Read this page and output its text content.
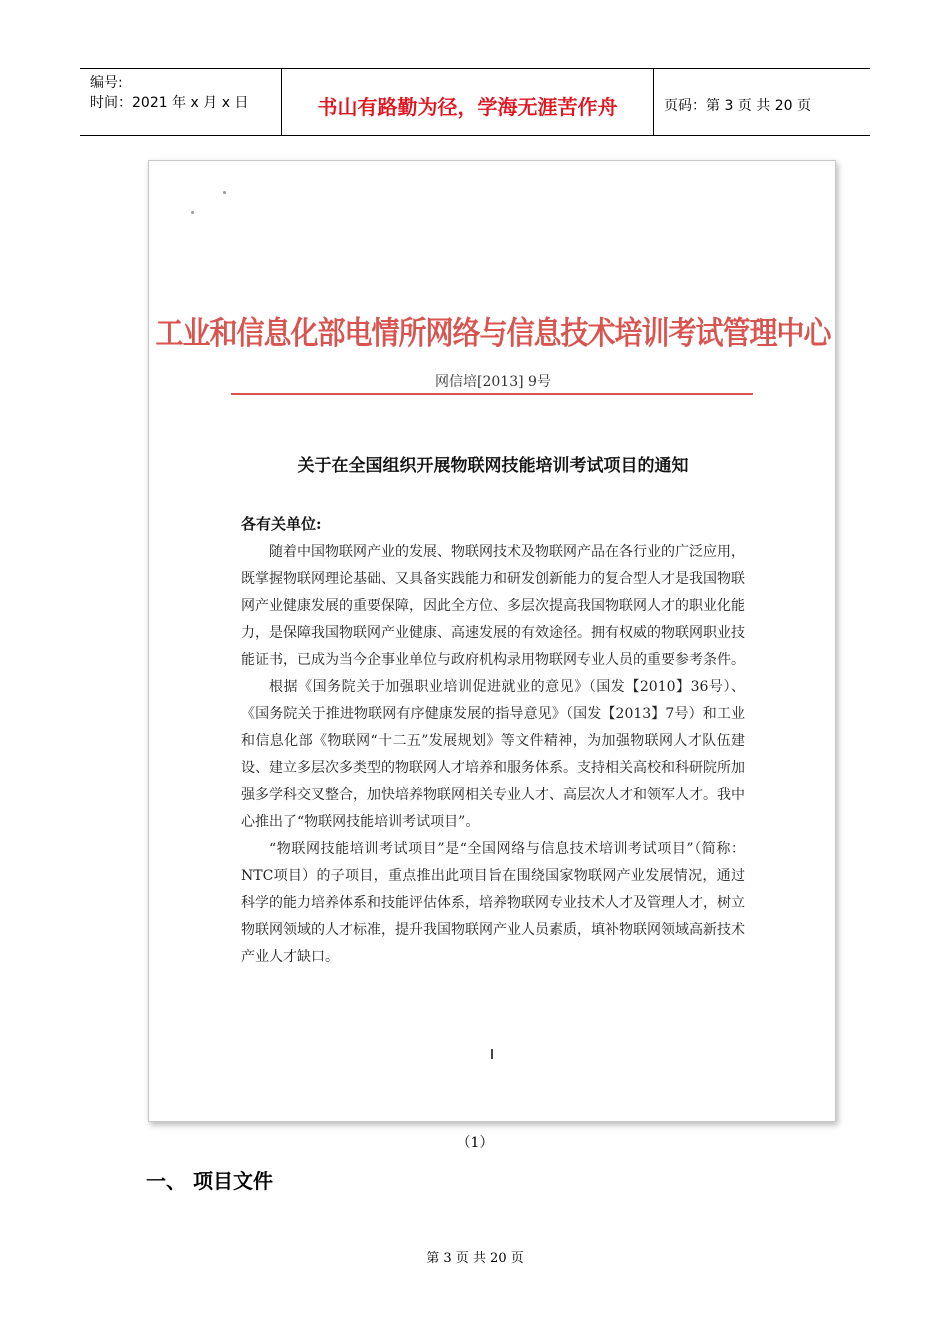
编号:
时间：2021 年 x 月 x 日	书山有路勤为径，学海无涯苦作舟	页码：第 3 页 共 20 页
工业和信息化部电情所网络与信息技术培训考试管理中心
网信培[2013] 9号
关于在全国组织开展物联网技能培训考试项目的通知
各有关单位:

随着中国物联网产业的发展、物联网技术及物联网产品在各行业的广泛应用，既掌握物联网理论基础、又具备实践能力和研发创新能力的复合型人才是我国物联网产业健康发展的重要保障，因此全方位、多层次提高我国物联网人才的职业化能力，是保障我国物联网产业健康、高速发展的有效途径。拥有权威的物联网职业技能证书，已成为当今企事业单位与政府机构录用物联网专业人员的重要参考条件。

根据《国务院关于加强职业培训促进就业的意见》（国发【2010】36号）、《国务院关于推进物联网有序健康发展的指导意见》（国发【2013】7号）和工业和信息化部《物联网“十二五”发展规划》等文件精神，为加强物联网人才队伍建设、建立多层次多类型的物联网人才培养和服务体系。支持相关高校和科研院所加强多学科交叉整合，加快培养物联网相关专业人才、高层次人才和领军人才。我中心推出了“物联网技能培训考试项目”。

“物联网技能培训考试项目”是“全国网络与信息技术培训考试项目”（简称：NTC项目）的子项目，重点推出此项目旨在围绕国家物联网产业发展情况，通过科学的能力培养体系和技能评估体系，培养物联网专业技术人才及管理人才，树立物联网领域的人才标准，提升我国物联网产业人员素质，填补物联网领域高新技术产业人才缺口。

（1）
一、 项目文件
第 3 页 共 20 页
